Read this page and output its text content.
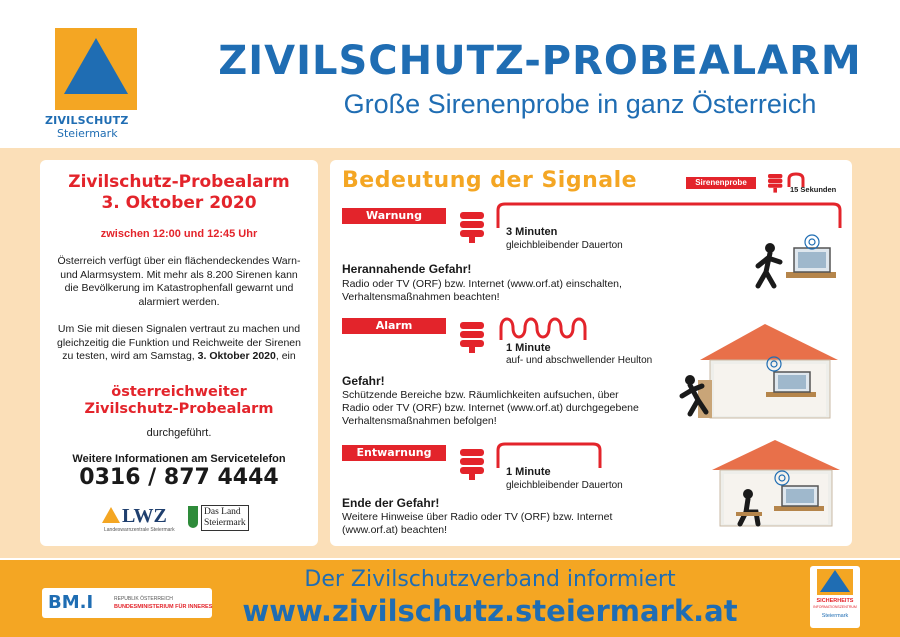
ZIVILSCHUTZ
Steiermark
ZIVILSCHUTZ-PROBEALARM
Große Sirenenprobe in ganz Österreich
Zivilschutz-Probealarm
3. Oktober 2020
zwischen 12:00 und 12:45 Uhr
Österreich verfügt über ein flächendeckendes Warn- und Alarmsystem. Mit mehr als 8.200 Sirenen kann die Bevölkerung im Katastrophenfall gewarnt und alarmiert werden.
Um Sie mit diesen Signalen vertraut zu machen und gleichzeitig die Funktion und Reichweite der Sirenen zu testen, wird am Samstag, 3. Oktober 2020, ein
österreichweiter
Zivilschutz-Probealarm
durchgeführt.
Weitere Informationen am Servicetelefon
0316 / 877 4444
LWZ
Landeswarnzentrale Steiermark
Das Land
Steiermark
Bedeutung der Signale	Sirenenprobe
15 Sekunden
Warnung
3 Minuten
gleichbleibender Dauerton
Herannahende Gefahr!
Radio oder TV (ORF) bzw. Internet (www.orf.at) einschalten, Verhaltensmaßnahmen beachten!
Alarm
1 Minute
auf- und abschwellender Heulton
Gefahr!
Schützende Bereiche bzw. Räumlichkeiten aufsuchen, über Radio oder TV (ORF) bzw. Internet (www.orf.at) durchgegebene Verhaltensmaßnahmen befolgen!
Entwarnung
1 Minute
gleichbleibender Dauerton
Ende der Gefahr!
Weitere Hinweise über Radio oder TV (ORF) bzw. Internet (www.orf.at) beachten!
BM.I	REPUBLIK ÖSTERREICH
BUNDESMINISTERIUM FÜR INNERES
Der Zivilschutzverband informiert
www.zivilschutz.steiermark.at	SICHERHEITS
INFORMATIONSZENTRUM
Steiermark
